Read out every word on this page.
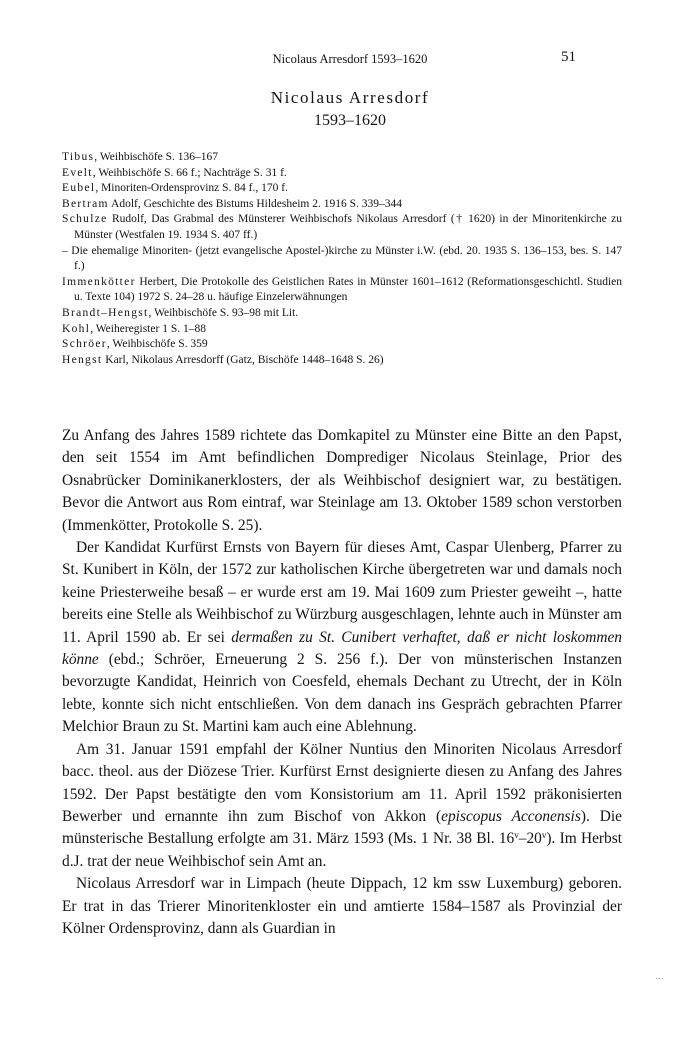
Nicolaus Arresdorf 1593–1620	51
Nicolaus Arresdorf
1593–1620
Tibus, Weihbischöfe S. 136–167
Evelt, Weihbischöfe S. 66 f.; Nachträge S. 31 f.
Eubel, Minoriten-Ordensprovinz S. 84 f., 170 f.
Bertram Adolf, Geschichte des Bistums Hildesheim 2. 1916 S. 339–344
Schulze Rudolf, Das Grabmal des Münsterer Weihbischofs Nikolaus Arresdorf († 1620) in der Minoritenkirche zu Münster (Westfalen 19. 1934 S. 407 ff.)
– Die ehemalige Minoriten- (jetzt evangelische Apostel-)kirche zu Münster i.W. (ebd. 20. 1935 S. 136–153, bes. S. 147 f.)
Immenkötter Herbert, Die Protokolle des Geistlichen Rates in Münster 1601–1612 (Reformationsgeschichtl. Studien u. Texte 104) 1972 S. 24–28 u. häufige Einzelerwähnungen
Brandt–Hengst, Weihbischöfe S. 93–98 mit Lit.
Kohl, Weiheregister 1 S. 1–88
Schröer, Weihbischöfe S. 359
Hengst Karl, Nikolaus Arresdorff (Gatz, Bischöfe 1448–1648 S. 26)

Zu Anfang des Jahres 1589 richtete das Domkapitel zu Münster eine Bitte an den Papst, den seit 1554 im Amt befindlichen Domprediger Nicolaus Steinlage, Prior des Osnabrücker Dominikanerklosters, der als Weihbischof designiert war, zu bestätigen. Bevor die Antwort aus Rom eintraf, war Steinlage am 13. Oktober 1589 schon verstorben (Immenkötter, Protokolle S. 25).

Der Kandidat Kurfürst Ernsts von Bayern für dieses Amt, Caspar Ulenberg, Pfarrer zu St. Kunibert in Köln, der 1572 zur katholischen Kirche übergetreten war und damals noch keine Priesterweihe besaß – er wurde erst am 19. Mai 1609 zum Priester geweiht –, hatte bereits eine Stelle als Weihbischof zu Würzburg ausgeschlagen, lehnte auch in Münster am 11. April 1590 ab. Er sei dermaßen zu St. Cunibert verhaftet, daß er nicht loskommen könne (ebd.; Schröer, Erneuerung 2 S. 256 f.). Der von münsterischen Instanzen bevorzugte Kandidat, Heinrich von Coesfeld, ehemals Dechant zu Utrecht, der in Köln lebte, konnte sich nicht entschließen. Von dem danach ins Gespräch gebrachten Pfarrer Melchior Braun zu St. Martini kam auch eine Ablehnung.

Am 31. Januar 1591 empfahl der Kölner Nuntius den Minoriten Nicolaus Arresdorf bacc. theol. aus der Diözese Trier. Kurfürst Ernst designierte diesen zu Anfang des Jahres 1592. Der Papst bestätigte den vom Konsistorium am 11. April 1592 präkonisierten Bewerber und ernannte ihn zum Bischof von Akkon (episcopus Acconensis). Die münsterische Bestallung erfolgte am 31. März 1593 (Ms. 1 Nr. 38 Bl. 16$^v$–20$^v$). Im Herbst d.J. trat der neue Weihbischof sein Amt an.

Nicolaus Arresdorf war in Limpach (heute Dippach, 12 km ssw Luxemburg) geboren. Er trat in das Trierer Minoritenkloster ein und amtierte 1584–1587 als Provinzial der Kölner Ordensprovinz, dann als Guardian in

…
